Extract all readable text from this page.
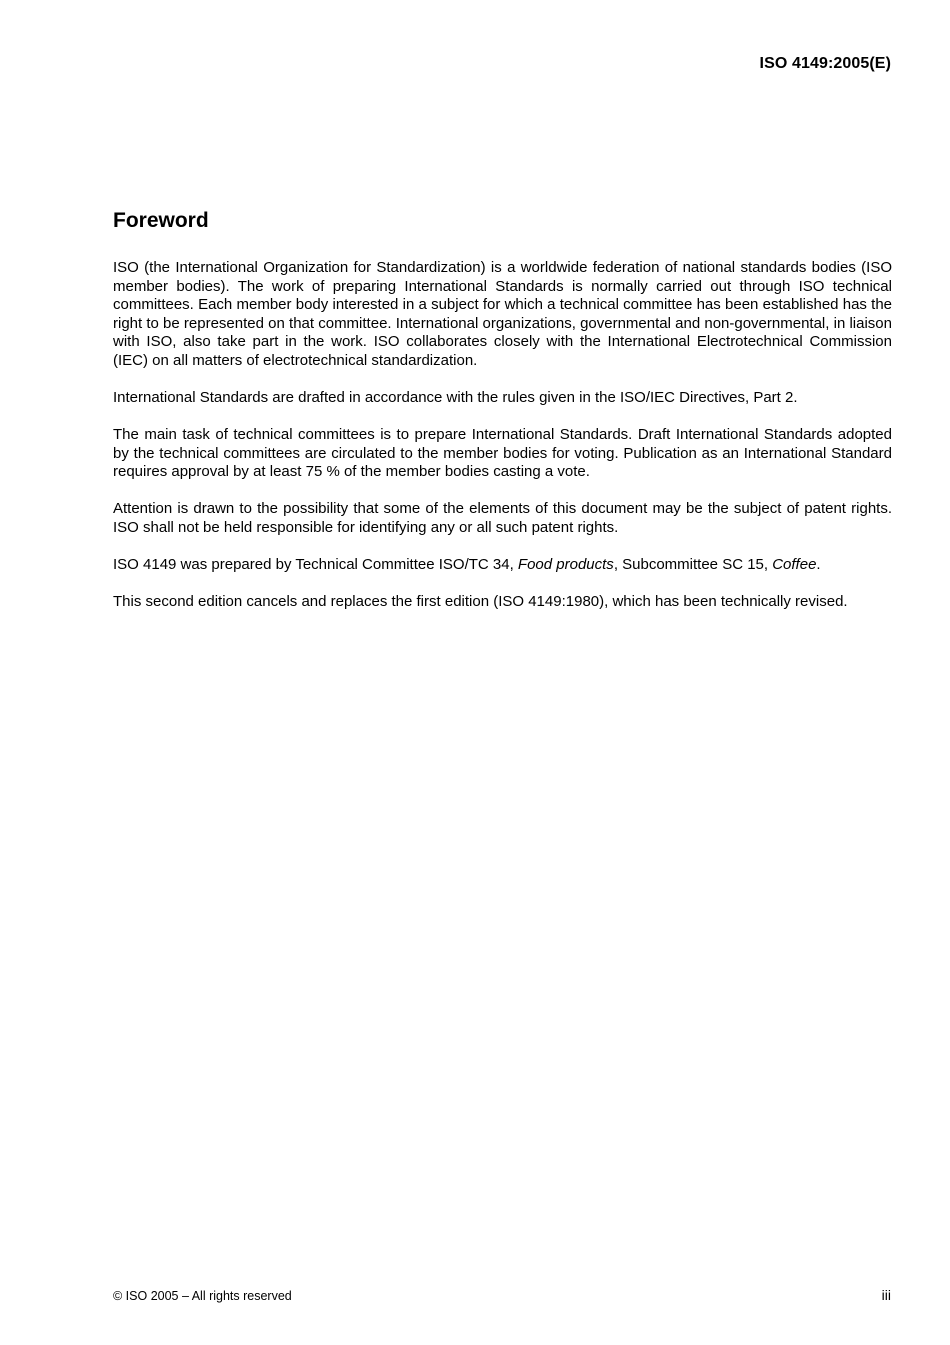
ISO 4149:2005(E)
Foreword

ISO (the International Organization for Standardization) is a worldwide federation of national standards bodies (ISO member bodies). The work of preparing International Standards is normally carried out through ISO technical committees. Each member body interested in a subject for which a technical committee has been established has the right to be represented on that committee. International organizations, governmental and non-governmental, in liaison with ISO, also take part in the work. ISO collaborates closely with the International Electrotechnical Commission (IEC) on all matters of electrotechnical standardization.

International Standards are drafted in accordance with the rules given in the ISO/IEC Directives, Part 2.

The main task of technical committees is to prepare International Standards. Draft International Standards adopted by the technical committees are circulated to the member bodies for voting. Publication as an International Standard requires approval by at least 75 % of the member bodies casting a vote.

Attention is drawn to the possibility that some of the elements of this document may be the subject of patent rights. ISO shall not be held responsible for identifying any or all such patent rights.

ISO 4149 was prepared by Technical Committee ISO/TC 34, Food products, Subcommittee SC 15, Coffee.

This second edition cancels and replaces the first edition (ISO 4149:1980), which has been technically revised.

© ISO 2005 – All rights reserved	iii
